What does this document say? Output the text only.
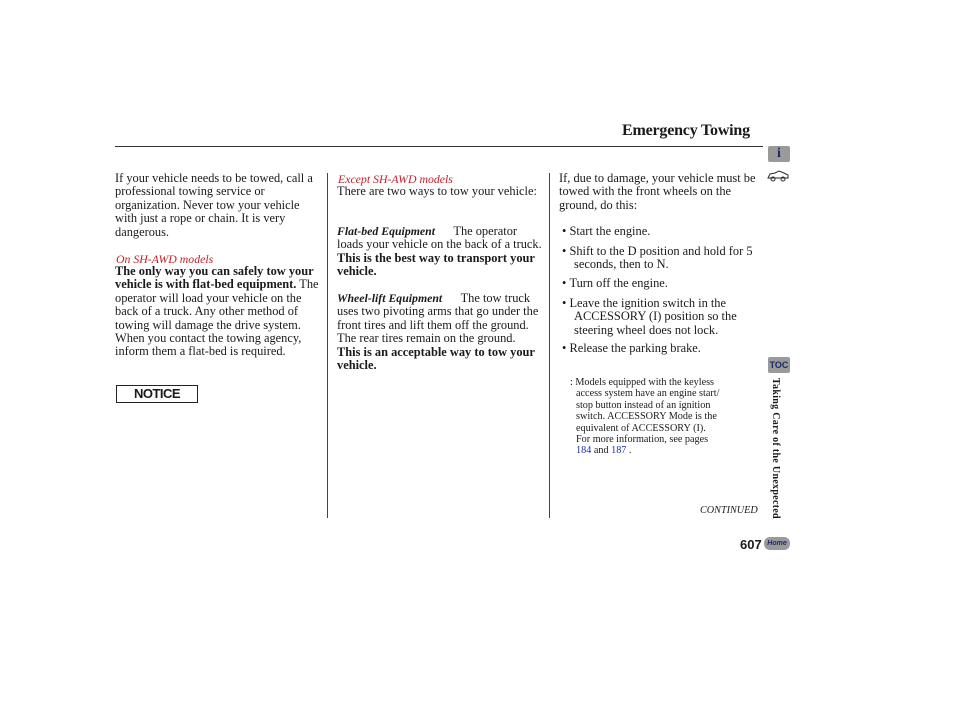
Emergency Towing
If your vehicle needs to be towed, call a professional towing service or organization. Never tow your vehicle with just a rope or chain. It is very dangerous.
On SH-AWD models
The only way you can safely tow your vehicle is with flat-bed equipment. The operator will load your vehicle on the back of a truck. Any other method of towing will damage the drive system. When you contact the towing agency, inform them a flat-bed is required.
NOTICE
Except SH-AWD models
There are two ways to tow your vehicle:
Flat-bed Equipment The operator loads your vehicle on the back of a truck. This is the best way to transport your vehicle.
Wheel-lift Equipment The tow truck uses two pivoting arms that go under the front tires and lift them off the ground. The rear tires remain on the ground. This is an acceptable way to tow your vehicle.
If, due to damage, your vehicle must be towed with the front wheels on the ground, do this:
• Start the engine.
• Shift to the D position and hold for 5 seconds, then to N.
• Turn off the engine.
• Leave the ignition switch in the ACCESSORY (I) position so the steering wheel does not lock.
• Release the parking brake.
: Models equipped with the keyless
access system have an engine start/
stop button instead of an ignition
switch. ACCESSORY Mode is the
equivalent of ACCESSORY (I).
For more information, see pages
184 and 187 .
CONTINUED
i
TOC
Taking Care of the Unexpected
607 Home
